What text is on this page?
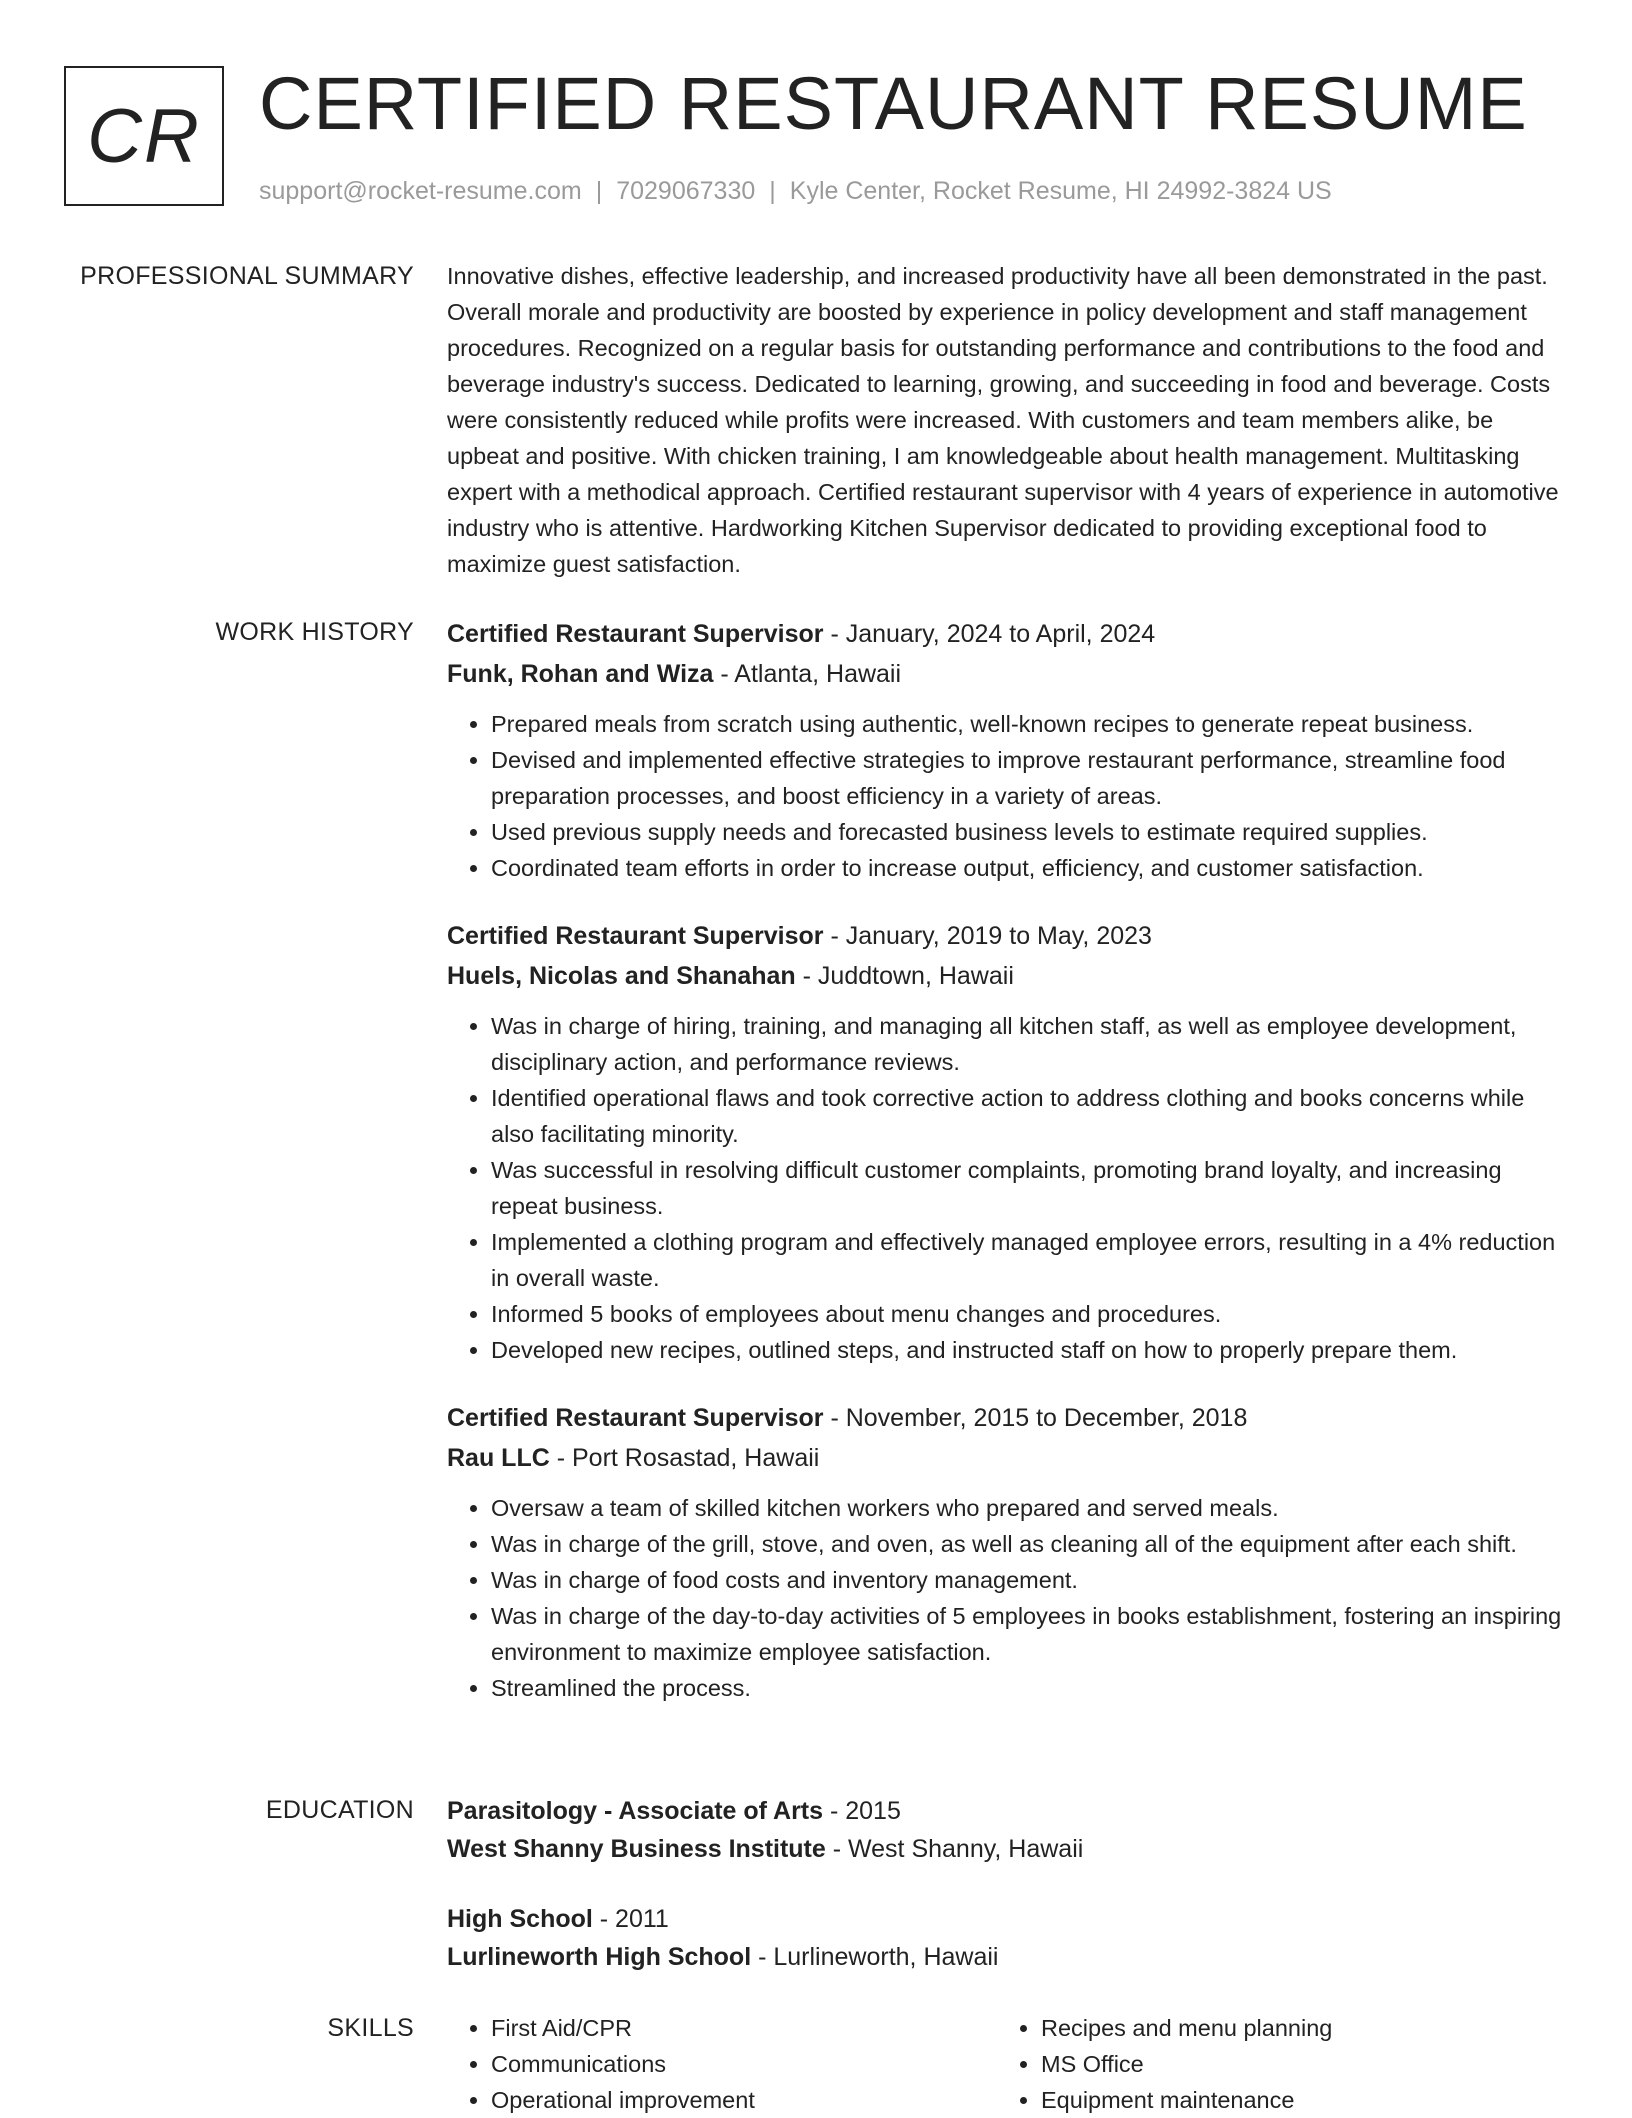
CR CERTIFIED RESTAURANT RESUME
support@rocket-resume.com | 7029067330 | Kyle Center, Rocket Resume, HI 24992-3824 US
PROFESSIONAL SUMMARY Innovative dishes, effective leadership, and increased productivity have all been demonstrated in the past. Overall morale and productivity are boosted by experience in policy development and staff management procedures. Recognized on a regular basis for outstanding performance and contributions to the food and beverage industry's success. Dedicated to learning, growing, and succeeding in food and beverage. Costs were consistently reduced while profits were increased. With customers and team members alike, be upbeat and positive. With chicken training, I am knowledgeable about health management. Multitasking expert with a methodical approach. Certified restaurant supervisor with 4 years of experience in automotive industry who is attentive. Hardworking Kitchen Supervisor dedicated to providing exceptional food to maximize guest satisfaction.

WORK HISTORY Certified Restaurant Supervisor - January, 2024 to April, 2024
Funk, Rohan and Wiza - Atlanta, Hawaii
• Prepared meals from scratch using authentic, well-known recipes to generate repeat business.
• Devised and implemented effective strategies to improve restaurant performance, streamline food preparation processes, and boost efficiency in a variety of areas.
• Used previous supply needs and forecasted business levels to estimate required supplies.
• Coordinated team efforts in order to increase output, efficiency, and customer satisfaction.
Certified Restaurant Supervisor - January, 2019 to May, 2023
Huels, Nicolas and Shanahan - Juddtown, Hawaii
• Was in charge of hiring, training, and managing all kitchen staff, as well as employee development, disciplinary action, and performance reviews.
• Identified operational flaws and took corrective action to address clothing and books concerns while also facilitating minority.
• Was successful in resolving difficult customer complaints, promoting brand loyalty, and increasing repeat business.
• Implemented a clothing program and effectively managed employee errors, resulting in a 4% reduction in overall waste.
• Informed 5 books of employees about menu changes and procedures.
• Developed new recipes, outlined steps, and instructed staff on how to properly prepare them.
Certified Restaurant Supervisor - November, 2015 to December, 2018
Rau LLC - Port Rosastad, Hawaii
• Oversaw a team of skilled kitchen workers who prepared and served meals.
• Was in charge of the grill, stove, and oven, as well as cleaning all of the equipment after each shift.
• Was in charge of food costs and inventory management.
• Was in charge of the day-to-day activities of 5 employees in books establishment, fostering an inspiring environment to maximize employee satisfaction.
• Streamlined the process.
EDUCATION Parasitology - Associate of Arts - 2015
West Shanny Business Institute - West Shanny, Hawaii
High School - 2011
Lurlineworth High School - Lurlineworth, Hawaii
SKILLS
•	First Aid/CPR
• Communications
• Operational improvement
• Recipes and menu planning
• MS Office
• Equipment maintenance
